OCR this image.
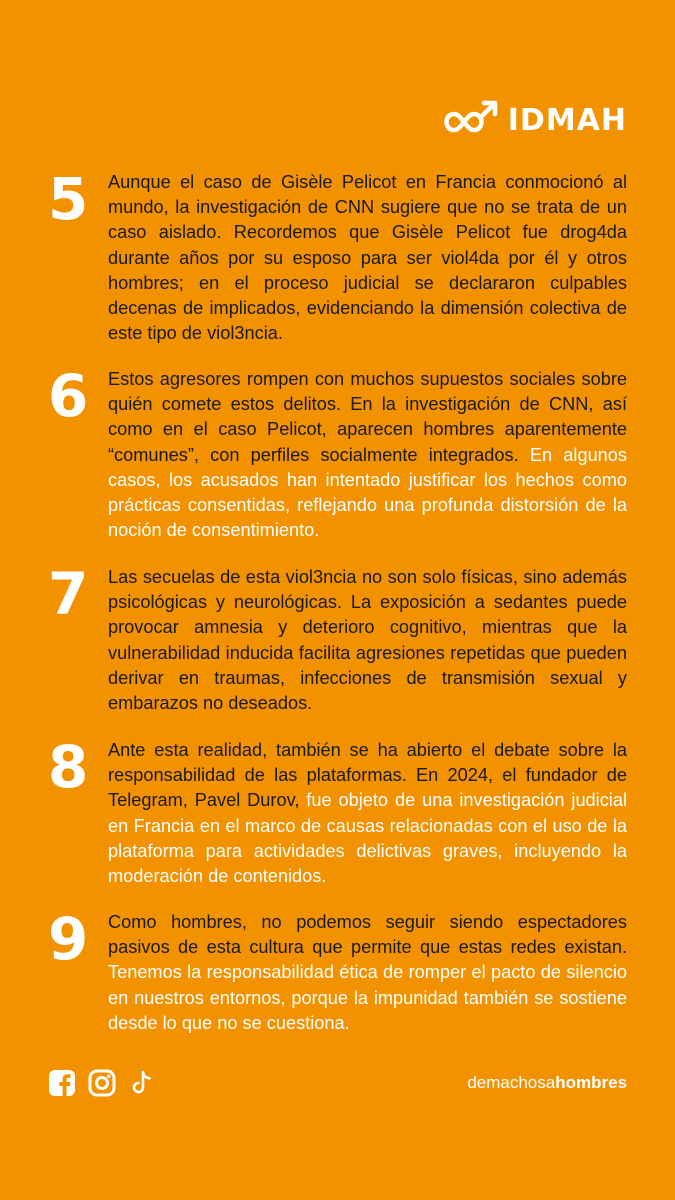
IDMAH
5	Aunque el caso de Gisèle Pelicot en Francia conmocionó al mundo, la investigación de CNN sugiere que no se trata de un caso aislado. Recordemos que Gisèle Pelicot fue drog4da durante años por su esposo para ser viol4da por él y otros hombres; en el proceso judicial se declararon culpables decenas de implicados, evidenciando la dimensión colectiva de este tipo de viol3ncia.
6	Estos agresores rompen con muchos supuestos sociales sobre quién comete estos delitos. En la investigación de CNN, así como en el caso Pelicot, aparecen hombres aparentemente “comunes”, con perfiles socialmente integrados. En algunos casos, los acusados han intentado justificar los hechos como prácticas consentidas, reflejando una profunda distorsión de la noción de consentimiento.
7	Las secuelas de esta viol3ncia no son solo físicas, sino además psicológicas y neurológicas. La exposición a sedantes puede provocar amnesia y deterioro cognitivo, mientras que la vulnerabilidad inducida facilita agresiones repetidas que pueden derivar en traumas, infecciones de transmisión sexual y embarazos no deseados.
8	Ante esta realidad, también se ha abierto el debate sobre la responsabilidad de las plataformas. En 2024, el fundador de Telegram, Pavel Durov, fue objeto de una investigación judicial en Francia en el marco de causas relacionadas con el uso de la plataforma para actividades delictivas graves, incluyendo la moderación de contenidos.
9	Como hombres, no podemos seguir siendo espectadores pasivos de esta cultura que permite que estas redes existan. Tenemos la responsabilidad ética de romper el pacto de silencio en nuestros entornos, porque la impunidad también se sostiene desde lo que no se cuestiona.
demachosahombres
